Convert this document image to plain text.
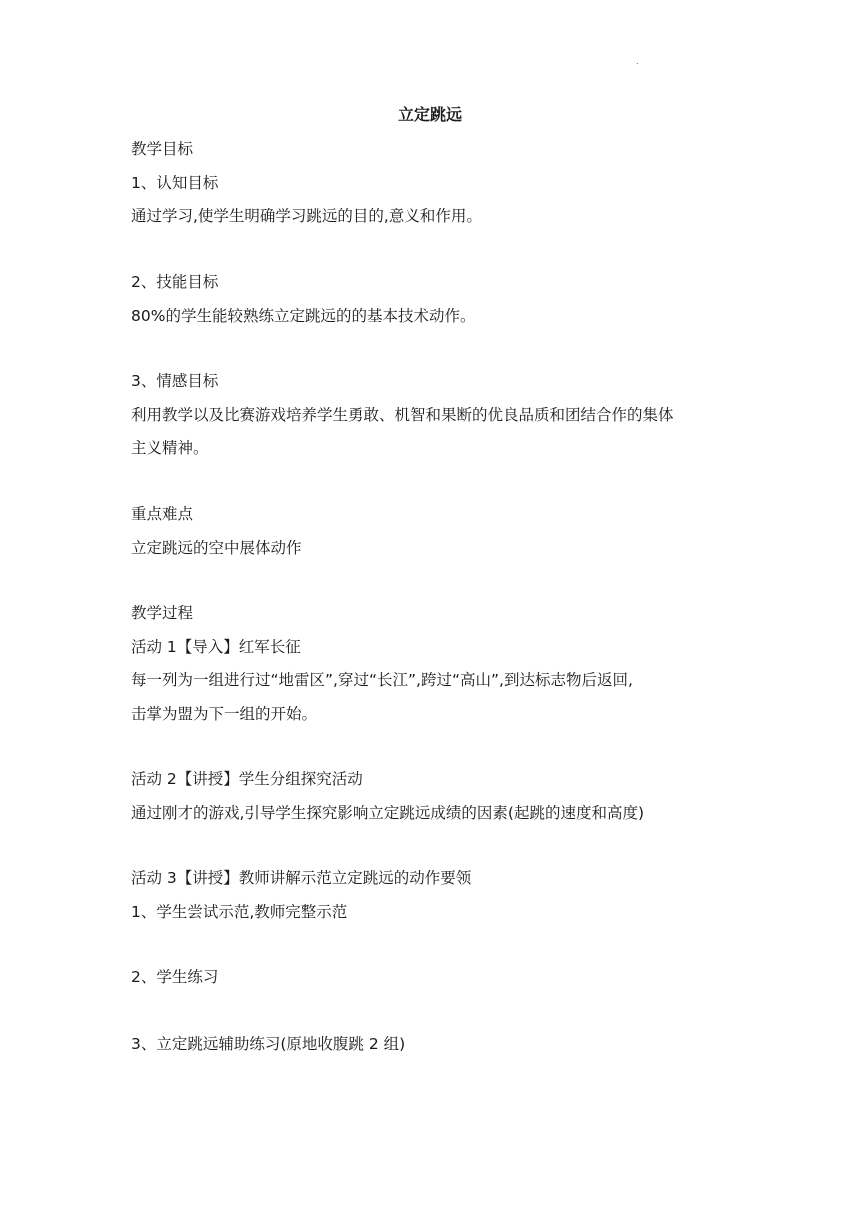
.
立定跳远
教学目标
1、认知目标
通过学习,使学生明确学习跳远的目的,意义和作用。
2、技能目标
80%的学生能较熟练立定跳远的的基本技术动作。
3、情感目标
利用教学以及比赛游戏培养学生勇敢、机智和果断的优良品质和团结合作的集体
主义精神。
重点难点
立定跳远的空中展体动作
教学过程
活动 1【导入】红军长征
每一列为一组进行过“地雷区”,穿过“长江”,跨过“高山”,到达标志物后返回,
击掌为盟为下一组的开始。
活动 2【讲授】学生分组探究活动
通过刚才的游戏,引导学生探究影响立定跳远成绩的因素(起跳的速度和高度)
活动 3【讲授】教师讲解示范立定跳远的动作要领
1、学生尝试示范,教师完整示范
2、学生练习
3、立定跳远辅助练习(原地收腹跳 2 组)
